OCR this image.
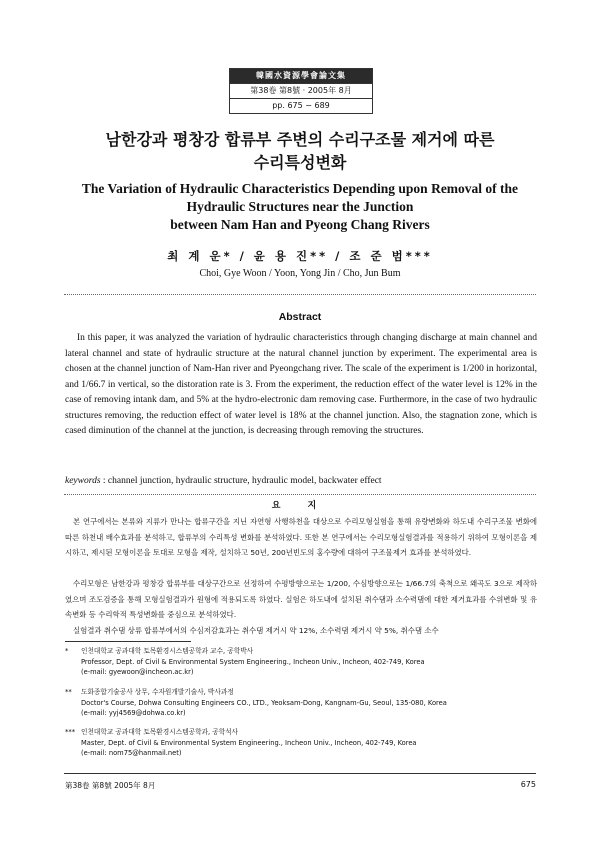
韓國水資源學會論文集
第38卷 第8號 · 2005年 8月
pp. 675 − 689
남한강과 평창강 합류부 주변의 수리구조물 제거에 따른
수리특성변화
The Variation of Hydraulic Characteristics Depending upon Removal of the
Hydraulic Structures near the Junction
between Nam Han and Pyeong Chang Rivers
최 계 운* / 윤 용 진** / 조 준 범***
Choi, Gye Woon / Yoon, Yong Jin / Cho, Jun Bum
Abstract

In this paper, it was analyzed the variation of hydraulic characteristics through changing discharge at main channel and lateral channel and state of hydraulic structure at the natural channel junction by experiment. The experimental area is chosen at the channel junction of Nam-Han river and Pyeongchang river. The scale of the experiment is 1/200 in horizontal, and 1/66.7 in vertical, so the distoration rate is 3. From the experiment, the reduction effect of the water level is 12% in the case of removing intank dam, and 5% at the hydro-electronic dam removing case. Furthermore, in the case of two hydraulic structures removing, the reduction effect of water level is 18% at the channel junction. Also, the stagnation zone, which is cased diminution of the channel at the junction, is decreasing through removing the structures.

keywords : channel junction, hydraulic structure, hydraulic model, backwater effect
요 지

본 연구에서는 본류와 지류가 만나는 합류구간을 지닌 자연형 사행하천을 대상으로 수리모형실험을 통해 유량변화와 하도내 수리구조물 변화에 따른 하천내 배수효과를 분석하고, 합류부의 수리특성 변화를 분석하였다. 또한 본 연구에서는 수리모형실험결과를 적용하기 위하여 모형이론을 제시하고, 제시된 모형이론을 토대로 모형을 제작, 설치하고 50년, 200년빈도의 홍수량에 대하여 구조물제거 효과를 분석하였다.

수리모형은 남한강과 평창강 합류부를 대상구간으로 선정하여 수평방향으로는 1/200, 수심방향으로는 1/66.7의 축척으로 왜곡도 3으로 제작하였으며 조도검증을 통해 모형실험결과가 원형에 적용되도록 하였다. 실험은 하도내에 설치된 취수댐과 소수력댐에 대한 제거효과를 수위변화 및 유속변화 등 수리학적 특성변화를 중심으로 분석하였다.

실험결과 취수댐 상류 합류부에서의 수심저감효과는 취수댐 제거시 약 12%, 소수력댐 제거시 약 5%, 취수댐 소수

* 인천대학교 공과대학 토목환경시스템공학과 교수, 공학박사
Professor, Dept. of Civil & Environmental System Engineering., Incheon Univ., Incheon, 402-749, Korea
(e-mail: gyewoon@incheon.ac.kr)
** 도화종합기술공사 상무, 수자원개발기술사, 박사과정
Doctor's Course, Dohwa Consulting Engineers CO., LTD., Yeoksam-Dong, Kangnam-Gu, Seoul, 135-080, Korea
(e-mail: yyj4569@dohwa.co.kr)
*** 인천대학교 공과대학 토목환경시스템공학과, 공학석사
Master, Dept. of Civil & Environmental System Engineering., Incheon Univ., Incheon, 402-749, Korea
(e-mail: nom75@hanmail.net)
第38卷 第8號 2005年 8月	675
